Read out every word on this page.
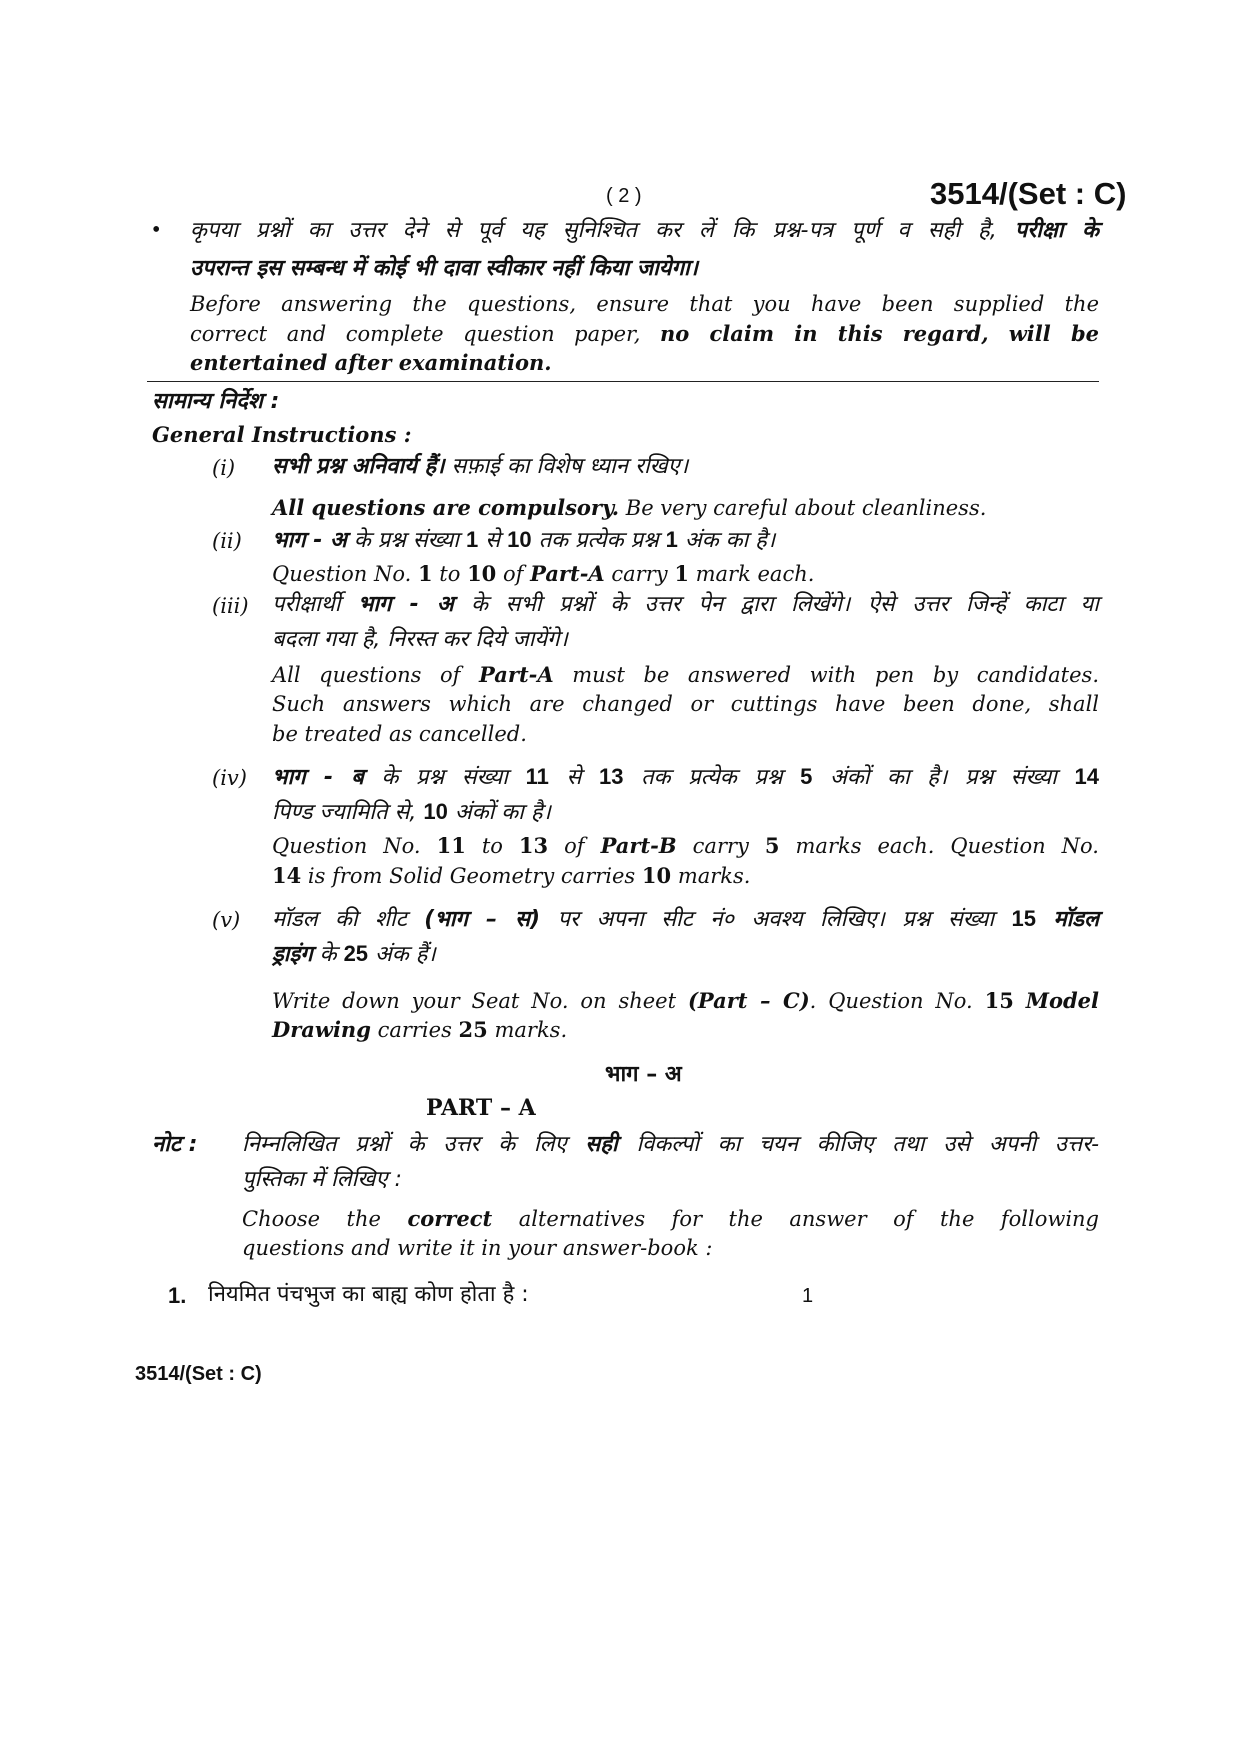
( 2 )	3514/(Set : C)
• कृपया प्रश्नों का उत्तर देने से पूर्व यह सुनिश्चित कर लें कि प्रश्न-पत्र पूर्ण व सही है, परीक्षा के
उपरान्त इस सम्बन्ध में कोई भी दावा स्वीकार नहीं किया जायेगा।
Before answering the questions, ensure that you have been supplied the
correct and complete question paper, no claim in this regard, will be
entertained after examination.
सामान्य निर्देश :
General Instructions :
(i) सभी प्रश्न अनिवार्य हैं। सफ़ाई का विशेष ध्यान रखिए।
All questions are compulsory. Be very careful about cleanliness.
(ii) भाग - अ के प्रश्न संख्या 1 से 10 तक प्रत्येक प्रश्न 1 अंक का है।
Question No. 1 to 10 of Part-A carry 1 mark each.
(iii) परीक्षार्थी भाग - अ के सभी प्रश्नों के उत्तर पेन द्वारा लिखेंगे। ऐसे उत्तर जिन्हें काटा या
बदला गया है, निरस्त कर दिये जायेंगे।
All questions of Part-A must be answered with pen by candidates.
Such answers which are changed or cuttings have been done, shall
be treated as cancelled.
(iv) भाग - ब के प्रश्न संख्या 11 से 13 तक प्रत्येक प्रश्न 5 अंकों का है। प्रश्न संख्या 14
पिण्ड ज्यामिति से, 10 अंकों का है।
Question No. 11 to 13 of Part-B carry 5 marks each. Question No.
14 is from Solid Geometry carries 10 marks.
(v) मॉडल की शीट (भाग – स) पर अपना सीट नं० अवश्य लिखिए। प्रश्न संख्या 15 मॉडल
ड्राइंग के 25 अंक हैं।
Write down your Seat No. on sheet (Part – C). Question No. 15 Model
Drawing carries 25 marks.
भाग – अ
PART – A
नोट : निम्नलिखित प्रश्नों के उत्तर के लिए सही विकल्पों का चयन कीजिए तथा उसे अपनी उत्तर-
पुस्तिका में लिखिए :
Choose the correct alternatives for the answer of the following
questions and write it in your answer-book :
1. नियमित पंचभुज का बाह्य कोण होता है :	1
3514/(Set : C)
